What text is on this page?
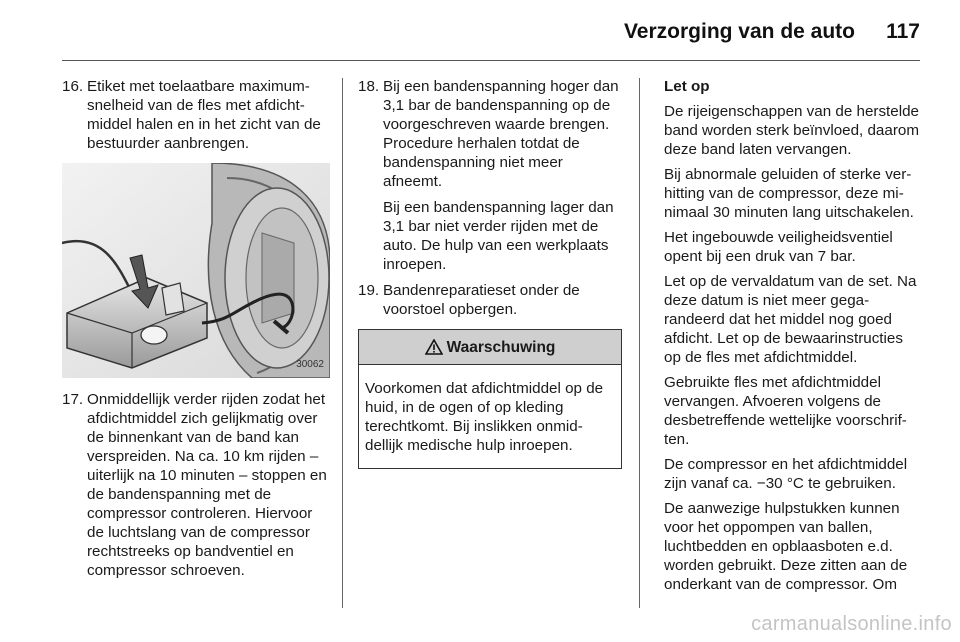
Verzorging van de auto 117
16. Etiket met toelaatbare maximumsnelheid van de fles met afdichtmiddel halen en in het zicht van de bestuurder aanbrengen.

30062
17. Onmiddellijk verder rijden zodat het afdichtmiddel zich gelijkmatig over de binnenkant van de band kan verspreiden. Na ca. 10 km rijden – uiterlijk na 10 minuten – stoppen en de bandenspanning met de compressor controleren. Hiervoor de luchtslang van de compressor rechtstreeks op bandventiel en compressor schroeven.

18. Bij een bandenspanning hoger dan 3,1 bar de bandenspanning op de voorgeschreven waarde brengen. Procedure herhalen totdat de bandenspanning niet meer afneemt.

Bij een bandenspanning lager dan 3,1 bar niet verder rijden met de auto. De hulp van een werkplaats inroepen.

19. Bandenreparatieset onder de voorstoel opbergen.

Waarschuwing
Voorkomen dat afdichtmiddel op de huid, in de ogen of op kleding terechtkomt. Bij inslikken onmiddellijk medische hulp inroepen.

Let op

De rijeigenschappen van de herstelde band worden sterk beïnvloed, daarom deze band laten vervangen.

Bij abnormale geluiden of sterke verhitting van de compressor, deze minimaal 30 minuten lang uitschakelen.

Het ingebouwde veiligheidsventiel opent bij een druk van 7 bar.

Let op de vervaldatum van de set. Na deze datum is niet meer gegarandeerd dat het middel nog goed afdicht. Let op de bewaarinstructies op de fles met afdichtmiddel.

Gebruikte fles met afdichtmiddel vervangen. Afvoeren volgens de desbetreffende wettelijke voorschriften.

De compressor en het afdichtmiddel zijn vanaf ca. −30 °C te gebruiken.

De aanwezige hulpstukken kunnen voor het oppompen van ballen, luchtbedden en opblaasboten e.d. worden gebruikt. Deze zitten aan de onderkant van de compressor. Om

carmanualsonline.info
